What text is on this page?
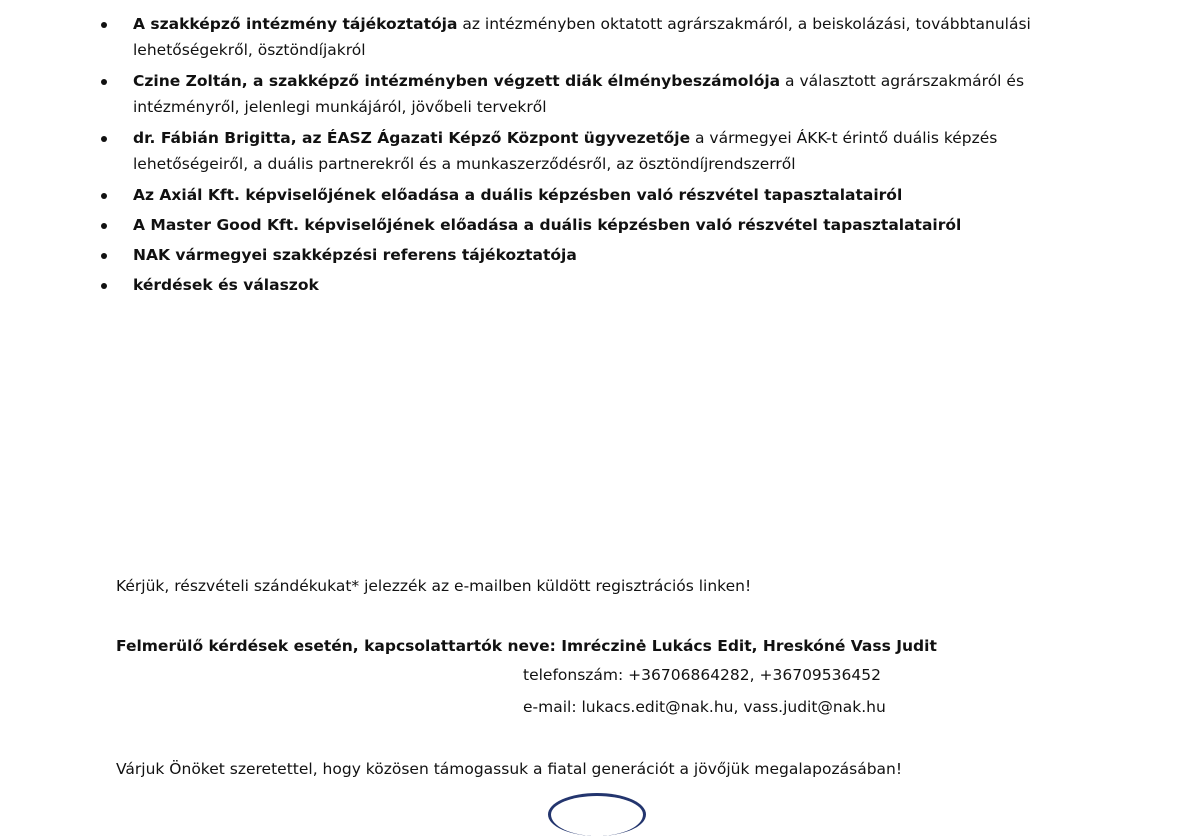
A szakképző intézmény tájékoztatója az intézményben oktatott agrárszakmáról, a beiskolázási, továbbtanulási lehetőségekről, ösztöndíjakról
Czine Zoltán, a szakképző intézményben végzett diák élménybeszámolója a választott agrárszakmáról és intézményről, jelenlegi munkájáról, jövőbeli tervekről
dr. Fábián Brigitta, az ÉASZ Ágazati Képző Központ ügyvezetője a vármegyei ÁKK-t érintő duális képzés lehetőségeiről, a duális partnerekről és a munkaszerződésről, az ösztöndíjrendszerről
Az Axiál Kft. képviselőjének előadása a duális képzésben való részvétel tapasztalatairól
A Master Good Kft. képviselőjének előadása a duális képzésben való részvétel tapasztalatairól
NAK vármegyei szakképzési referens tájékoztatója
kérdések és válaszok
Kérjük, részvételi szándékukat* jelezzék az e-mailben küldött regisztrációs linken!
Felmerülő kérdések esetén, kapcsolattartók neve: Imréczinė Lukács Edit, Hreskóné Vass Judit
telefonszám: +36706864282, +36709536452
e-mail: lukacs.edit@nak.hu, vass.judit@nak.hu
Várjuk Önöket szeretettel, hogy közösen támogassuk a fiatal generációt a jövőjük megalapozásában!
